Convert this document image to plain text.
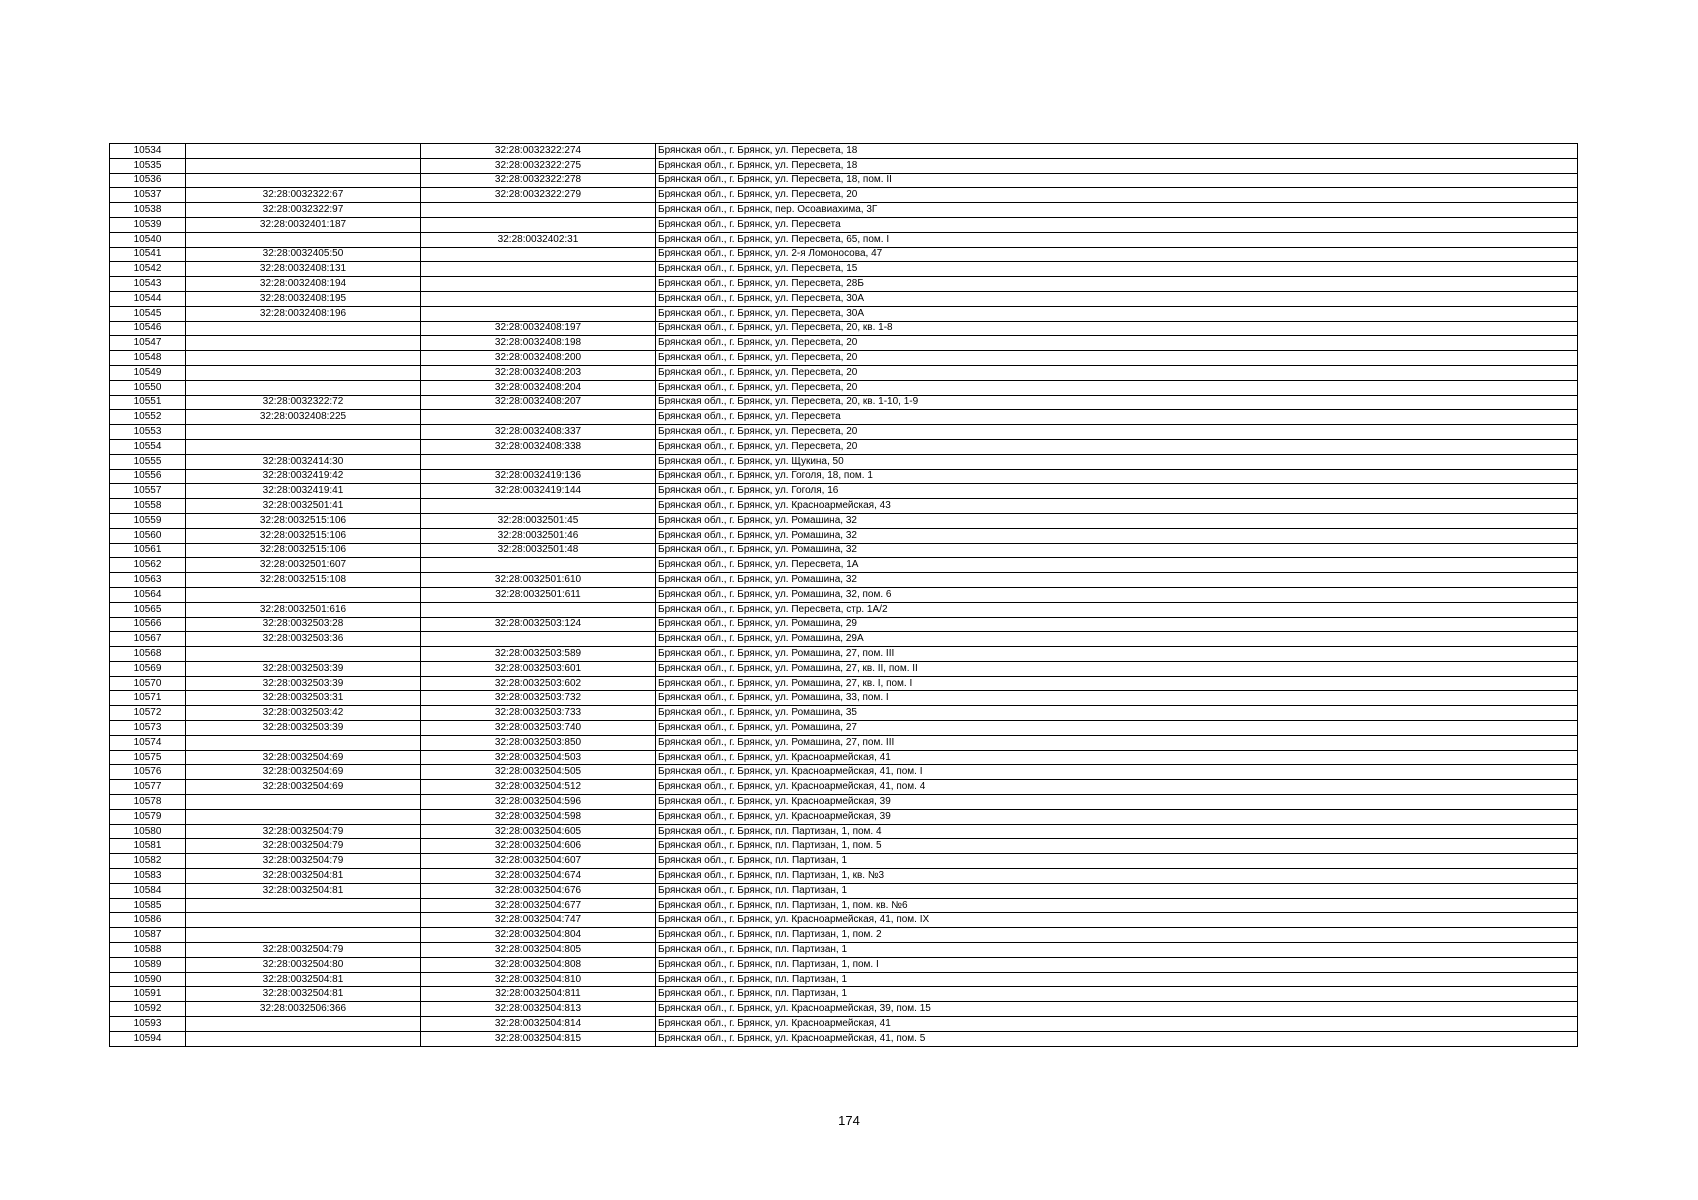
10534		32:28:0032322:274	Брянская обл., г. Брянск, ул. Пересвета, 18
10535		32:28:0032322:275	Брянская обл., г. Брянск, ул. Пересвета, 18
10536		32:28:0032322:278	Брянская обл., г. Брянск, ул. Пересвета, 18, пом. II
10537	32:28:0032322:67	32:28:0032322:279	Брянская обл., г. Брянск, ул. Пересвета, 20
10538	32:28:0032322:97		Брянская обл., г. Брянск, пер. Осоавиахима, 3Г
10539	32:28:0032401:187		Брянская обл., г. Брянск, ул. Пересвета
10540		32:28:0032402:31	Брянская обл., г. Брянск, ул. Пересвета, 65, пом. I
10541	32:28:0032405:50		Брянская обл., г. Брянск, ул. 2-я Ломоносова, 47
10542	32:28:0032408:131		Брянская обл., г. Брянск, ул. Пересвета, 15
10543	32:28:0032408:194		Брянская обл., г. Брянск, ул. Пересвета, 28Б
10544	32:28:0032408:195		Брянская обл., г. Брянск, ул. Пересвета, 30А
10545	32:28:0032408:196		Брянская обл., г. Брянск, ул. Пересвета, 30А
10546		32:28:0032408:197	Брянская обл., г. Брянск, ул. Пересвета, 20, кв. 1-8
10547		32:28:0032408:198	Брянская обл., г. Брянск, ул. Пересвета, 20
10548		32:28:0032408:200	Брянская обл., г. Брянск, ул. Пересвета, 20
10549		32:28:0032408:203	Брянская обл., г. Брянск, ул. Пересвета, 20
10550		32:28:0032408:204	Брянская обл., г. Брянск, ул. Пересвета, 20
10551	32:28:0032322:72	32:28:0032408:207	Брянская обл., г. Брянск, ул. Пересвета, 20, кв. 1-10, 1-9
10552	32:28:0032408:225		Брянская обл., г. Брянск, ул. Пересвета
10553		32:28:0032408:337	Брянская обл., г. Брянск, ул. Пересвета, 20
10554		32:28:0032408:338	Брянская обл., г. Брянск, ул. Пересвета, 20
10555	32:28:0032414:30		Брянская обл., г. Брянск, ул. Щукина, 50
10556	32:28:0032419:42	32:28:0032419:136	Брянская обл., г. Брянск, ул. Гоголя, 18, пом. 1
10557	32:28:0032419:41	32:28:0032419:144	Брянская обл., г. Брянск, ул. Гоголя, 16
10558	32:28:0032501:41		Брянская обл., г. Брянск, ул. Красноармейская, 43
10559	32:28:0032515:106	32:28:0032501:45	Брянская обл., г. Брянск, ул. Ромашина, 32
10560	32:28:0032515:106	32:28:0032501:46	Брянская обл., г. Брянск, ул. Ромашина, 32
10561	32:28:0032515:106	32:28:0032501:48	Брянская обл., г. Брянск, ул. Ромашина, 32
10562	32:28:0032501:607		Брянская обл., г. Брянск, ул. Пересвета, 1А
10563	32:28:0032515:108	32:28:0032501:610	Брянская обл., г. Брянск, ул. Ромашина, 32
10564		32:28:0032501:611	Брянская обл., г. Брянск, ул. Ромашина, 32, пом. 6
10565	32:28:0032501:616		Брянская обл., г. Брянск, ул. Пересвета, стр. 1А/2
10566	32:28:0032503:28	32:28:0032503:124	Брянская обл., г. Брянск, ул. Ромашина, 29
10567	32:28:0032503:36		Брянская обл., г. Брянск, ул. Ромашина, 29А
10568		32:28:0032503:589	Брянская обл., г. Брянск, ул. Ромашина, 27, пом. III
10569	32:28:0032503:39	32:28:0032503:601	Брянская обл., г. Брянск, ул. Ромашина, 27, кв. II, пом. II
10570	32:28:0032503:39	32:28:0032503:602	Брянская обл., г. Брянск, ул. Ромашина, 27, кв. I, пом. I
10571	32:28:0032503:31	32:28:0032503:732	Брянская обл., г. Брянск, ул. Ромашина, 33, пом. I
10572	32:28:0032503:42	32:28:0032503:733	Брянская обл., г. Брянск, ул. Ромашина, 35
10573	32:28:0032503:39	32:28:0032503:740	Брянская обл., г. Брянск, ул. Ромашина, 27
10574		32:28:0032503:850	Брянская обл., г. Брянск, ул. Ромашина, 27, пом. III
10575	32:28:0032504:69	32:28:0032504:503	Брянская обл., г. Брянск, ул. Красноармейская, 41
10576	32:28:0032504:69	32:28:0032504:505	Брянская обл., г. Брянск, ул. Красноармейская, 41, пом. I
10577	32:28:0032504:69	32:28:0032504:512	Брянская обл., г. Брянск, ул. Красноармейская, 41, пом. 4
10578		32:28:0032504:596	Брянская обл., г. Брянск, ул. Красноармейская, 39
10579		32:28:0032504:598	Брянская обл., г. Брянск, ул. Красноармейская, 39
10580	32:28:0032504:79	32:28:0032504:605	Брянская обл., г. Брянск, пл. Партизан, 1, пом. 4
10581	32:28:0032504:79	32:28:0032504:606	Брянская обл., г. Брянск, пл. Партизан, 1, пом. 5
10582	32:28:0032504:79	32:28:0032504:607	Брянская обл., г. Брянск, пл. Партизан, 1
10583	32:28:0032504:81	32:28:0032504:674	Брянская обл., г. Брянск, пл. Партизан, 1, кв. №3
10584	32:28:0032504:81	32:28:0032504:676	Брянская обл., г. Брянск, пл. Партизан, 1
10585		32:28:0032504:677	Брянская обл., г. Брянск, пл. Партизан, 1, пом. кв. №6
10586		32:28:0032504:747	Брянская обл., г. Брянск, ул. Красноармейская, 41, пом. IX
10587		32:28:0032504:804	Брянская обл., г. Брянск, пл. Партизан, 1, пом. 2
10588	32:28:0032504:79	32:28:0032504:805	Брянская обл., г. Брянск, пл. Партизан, 1
10589	32:28:0032504:80	32:28:0032504:808	Брянская обл., г. Брянск, пл. Партизан, 1, пом. I
10590	32:28:0032504:81	32:28:0032504:810	Брянская обл., г. Брянск, пл. Партизан, 1
10591	32:28:0032504:81	32:28:0032504:811	Брянская обл., г. Брянск, пл. Партизан, 1
10592	32:28:0032506:366	32:28:0032504:813	Брянская обл., г. Брянск, ул. Красноармейская, 39, пом. 15
10593		32:28:0032504:814	Брянская обл., г. Брянск, ул. Красноармейская, 41
10594		32:28:0032504:815	Брянская обл., г. Брянск, ул. Красноармейская, 41, пом. 5
174
